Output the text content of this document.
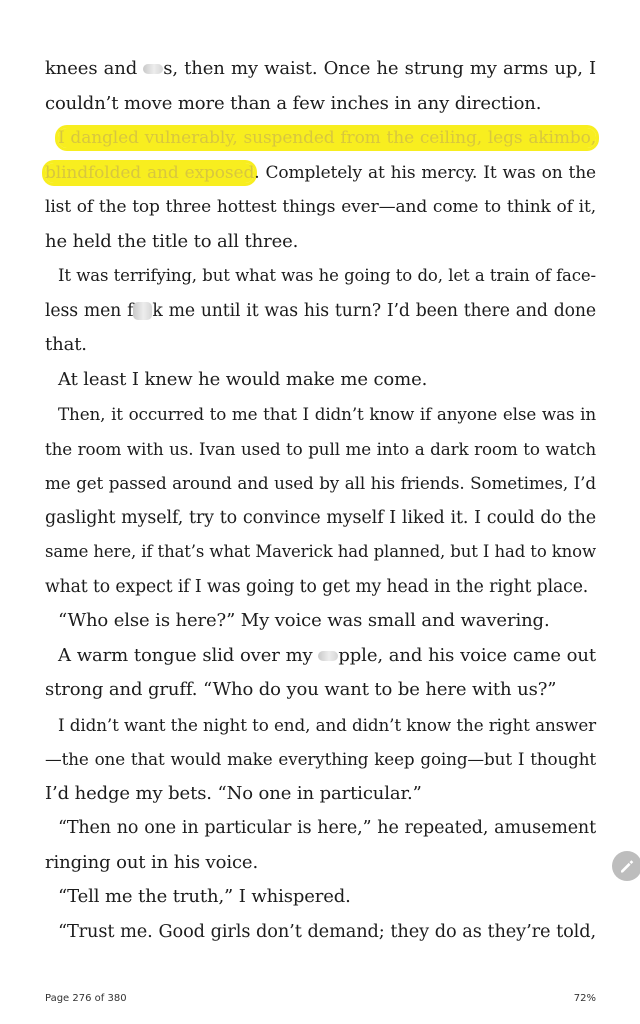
knees and s, then my waist. Once he strung my arms up, I
couldn’t move more than a few inches in any direction.
I dangled vulnerably, suspended from the ceiling, legs akimbo,
blindfolded and exposed. Completely at his mercy. It was on the
list of the top three hottest things ever—and come to think of it,
he held the title to all three.
It was terrifying, but what was he going to do, let a train of face-
less men f k me until it was his turn? I’d been there and done
that.
At least I knew he would make me come.
Then, it occurred to me that I didn’t know if anyone else was in
the room with us. Ivan used to pull me into a dark room to watch
me get passed around and used by all his friends. Sometimes, I’d
gaslight myself, try to convince myself I liked it. I could do the
same here, if that’s what Maverick had planned, but I had to know
what to expect if I was going to get my head in the right place.
“Who else is here?” My voice was small and wavering.
A warm tongue slid over my pple, and his voice came out
strong and gruff. “Who do you want to be here with us?”
I didn’t want the night to end, and didn’t know the right answer
—the one that would make everything keep going—but I thought
I’d hedge my bets. “No one in particular.”
“Then no one in particular is here,” he repeated, amusement
ringing out in his voice.
“Tell me the truth,” I whispered.
“Trust me. Good girls don’t demand; they do as they’re told,
Page 276 of 380	72%
